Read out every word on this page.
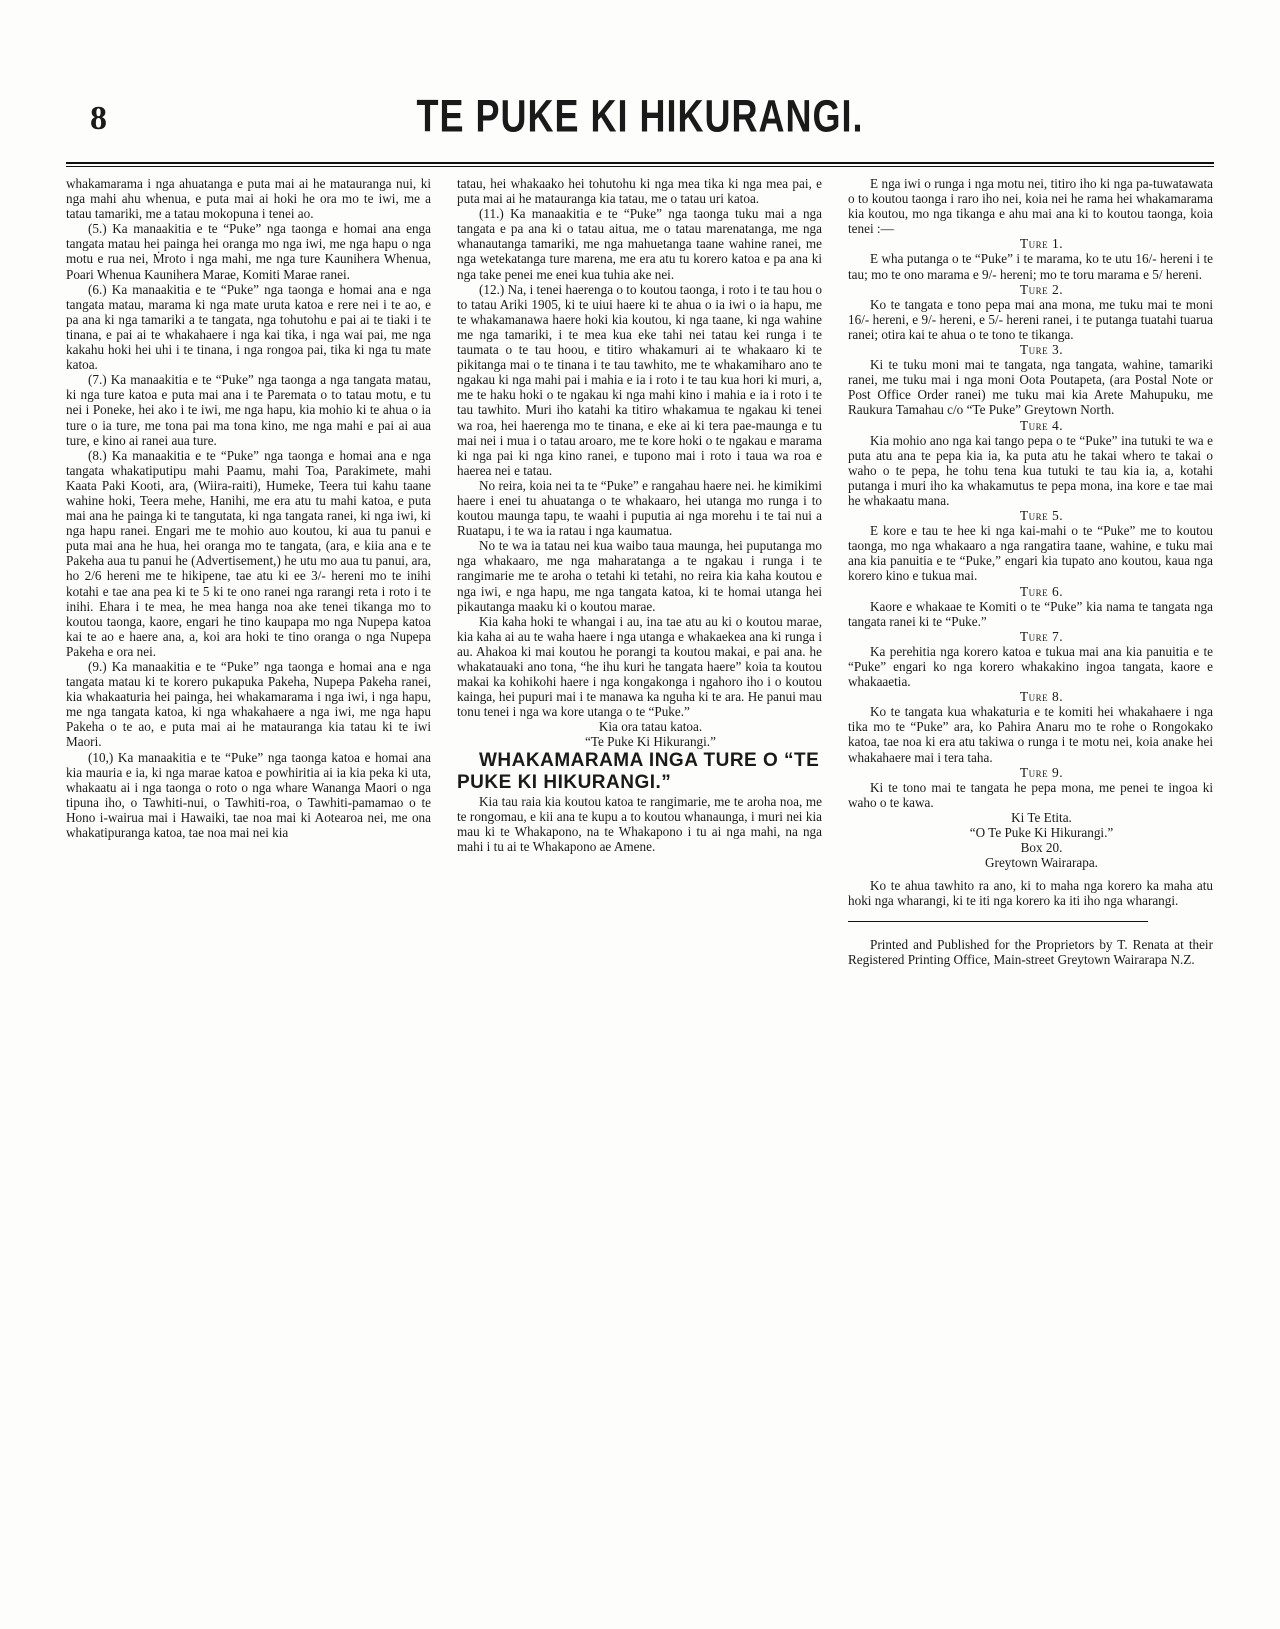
8	TE PUKE KI HIKURANGI.

whakamarama i nga ahuatanga e puta mai ai he matauranga nui, ki nga mahi ahu whenua, e puta mai ai hoki he ora mo te iwi, me a tatau tamariki, me a tatau mokopuna i tenei ao.

(5.) Ka manaakitia e te “Puke” nga taonga e homai ana enga tangata matau hei painga hei oranga mo nga iwi, me nga hapu o nga motu e rua nei, Ṁroto i nga mahi, me nga ture Kaunihera Whenua, Poari Whenua Kaunihera Marae, Komiti Marae ranei.

(6.) Ka manaakitia e te “Puke” nga taonga e homai ana e nga tangata matau, marama ki nga mate uruta katoa e rere nei i te ao, e pa ana ki nga tamariki a te tangata, nga tohutohu e pai ai te tiaki i te tinana, e pai ai te whakahaere i nga kai tika, i nga wai pai, me nga kakahu hoki hei uhi i te tinana, i nga rongoa pai, tika ki nga tu mate katoa.

(7.) Ka manaakitia e te “Puke” nga taonga a nga tangata matau, ki nga ture katoa e puta mai ana i te Paremata o to tatau motu, e tu nei i Poneke, hei ako i te iwi, me nga hapu, kia mohio ki te ahua o ia ture o ia ture, me tona pai ma tona kino, me nga mahi e pai ai aua ture, e kino ai ranei aua ture.

(8.) Ka manaakitia e te “Puke” nga taonga e homai ana e nga tangata whakatiputipu mahi Paamu, mahi Toa, Parakimete, mahi Kaata Paki Kooti, ara, (Wiira-raiti), Humeke, Teera tui kahu taane wahine hoki, Teera mehe, Hanihi, me era atu tu mahi katoa, e puta mai ana he painga ki te tangutata, ki nga tangata ranei, ki nga iwi, ki nga hapu ranei. Engari me te mohio auo koutou, ki aua tu panui e puta mai ana he hua, hei oranga mo te tangata, (ara, e kiia ana e te Pakeha aua tu panui he (Advertisement,) he utu mo aua tu panui, ara, ho 2/6 hereni me te hikipene, tae atu ki ee 3/- hereni mo te inihi kotahi e tae ana pea ki te 5 ki te ono ranei nga rarangi reta i roto i te inihi. Ehara i te mea, he mea hanga noa ake tenei tikanga mo to koutou taonga, kaore, engari he tino kaupapa mo nga Nupepa katoa kai te ao e haere ana, a, koi ara hoki te tino oranga o nga Nupepa Pakeha e ora nei.

(9.) Ka manaakitia e te “Puke” nga taonga e homai ana e nga tangata matau ki te korero pukapuka Pakeha, Nupepa Pakeha ranei, kia whakaaturia hei painga, hei whakamarama i nga iwi, i nga hapu, me nga tangata katoa, ki nga whakahaere a nga iwi, me nga hapu Pakeha o te ao, e puta mai ai he matauranga kia tatau ki te iwi Maori.

(10,) Ka manaakitia e te “Puke” nga taonga katoa e homai ana kia mauria e ia, ki nga marae katoa e powhiritia ai ia kia peka ki uta, whakaatu ai i nga taonga o roto o nga whare Wananga Maori o nga tipuna iho, o Tawhiti-nui, o Tawhiti-roa, o Tawhiti-pamamao o te Hono i-wairua mai i Hawaiki, tae noa mai ki Aotearoa nei, me ona whakatipuranga katoa, tae noa mai nei kia

tatau, hei whakaako hei tohutohu ki nga mea tika ki nga mea pai, e puta mai ai he matauranga kia tatau, me o tatau uri katoa.

(11.) Ka manaakitia e te “Puke” nga taonga tuku mai a nga tangata e pa ana ki o tatau aitua, me o tatau marenatanga, me nga whanautanga tamariki, me nga mahuetanga taane wahine ranei, me nga wetekatanga ture marena, me era atu tu korero katoa e pa ana ki nga take penei me enei kua tuhia ake nei.

(12.) Na, i tenei haerenga o to koutou taonga, i roto i te tau hou o to tatau Ariki 1905, ki te uiui haere ki te ahua o ia iwi o ia hapu, me te whakamanawa haere hoki kia koutou, ki nga taane, ki nga wahine me nga tamariki, i te mea kua eke tahi nei tatau kei runga i te taumata o te tau hoou, e titiro whakamuri ai te whakaaro ki te pikitanga mai o te tinana i te tau tawhito, me te whakamiharo ano te ngakau ki nga mahi pai i mahia e ia i roto i te tau kua hori ki muri, a, me te haku hoki o te ngakau ki nga mahi kino i mahia e ia i roto i te tau tawhito. Muri iho katahi ka titiro whakamua te ngakau ki tenei wa roa, hei haerenga mo te tinana, e eke ai ki tera pae-maunga e tu mai nei i mua i o tatau aroaro, me te kore hoki o te ngakau e marama ki nga pai ki nga kino ranei, e tupono mai i roto i taua wa roa e haerea nei e tatau.

No reira, koia nei ta te “Puke” e rangahau haere nei. he kimikimi haere i enei tu ahuatanga o te whakaaro, hei utanga mo runga i to koutou maunga tapu, te waahi i puputia ai nga morehu i te tai nui a Ruatapu, i te wa ia ratau i nga kaumatua.

No te wa ia tatau nei kua waibo taua maunga, hei puputanga mo nga whakaaro, me nga maharatanga a te ngakau i runga i te rangimarie me te aroha o tetahi ki tetahi, no reira kia kaha koutou e nga iwi, e nga hapu, me nga tangata katoa, ki te homai utanga hei pikautanga maaku ki o koutou marae.

Kia kaha hoki te whangai i au, ina tae atu au ki o koutou marae, kia kaha ai au te waha haere i nga utanga e whakaekea ana ki runga i au. Ahakoa ki mai koutou he porangi ta koutou makai, e pai ana. he whakatauaki ano tona, “he ihu kuri he tangata haere” koia ta koutou makai ka kohikohi haere i nga kongakonga i ngahoro iho i o koutou kainga, hei pupuri mai i te manawa ka nguha ki te ara. He panui mau tonu tenei i nga wa kore utanga o te “Puke.”

Kia ora tatau katoa.

“Te Puke Ki Hikurangi.”

WHAKAMARAMA INGA TURE O “TE PUKE KI HIKURANGI.”

Kia tau raia kia koutou katoa te rangimarie, me te aroha noa, me te rongomau, e kii ana te kupu a to koutou whanaunga, i muri nei kia mau ki te Whakapono, na te Whakapono i tu ai nga mahi, na nga mahi i tu ai te Whakapono ae Amene.

E nga iwi o runga i nga motu nei, titiro iho ki nga pa-tuwatawata o to koutou taonga i raro iho nei, koia nei he rama hei whakamarama kia koutou, mo nga tikanga e ahu mai ana ki to koutou taonga, koia tenei :—

Ture 1.

E wha putanga o te “Puke” i te marama, ko te utu 16/- hereni i te tau; mo te ono marama e 9/- hereni; mo te toru marama e 5/ hereni.

Ture 2.

Ko te tangata e tono pepa mai ana mona, me tuku mai te moni 16/- hereni, e 9/- hereni, e 5/- hereni ranei, i te putanga tuatahi tuarua ranei; otira kai te ahua o te tono te tikanga.

Ture 3.

Ki te tuku moni mai te tangata, nga tangata, wahine, tamariki ranei, me tuku mai i nga moni Oota Poutapeta, (ara Postal Note or Post Office Order ranei) me tuku mai kia Arete Mahupuku, me Raukura Tamahau c/o “Te Puke” Greytown North.

Ture 4.

Kia mohio ano nga kai tango pepa o te “Puke” ina tutuki te wa e puta atu ana te pepa kia ia, ka puta atu he takai whero te takai o waho o te pepa, he tohu tena kua tutuki te tau kia ia, a, kotahi putanga i muri iho ka whakamutus te pepa mona, ina kore e tae mai he whakaatu mana.

Ture 5.

E kore e tau te hee ki nga kai-mahi o te “Puke” me to koutou taonga, mo nga whakaaro a nga rangatira taane, wahine, e tuku mai ana kia panuitia e te “Puke,” engari kia tupato ano koutou, kaua nga korero kino e tukua mai.

Ture 6.

Kaore e whakaae te Komiti o te “Puke” kia nama te tangata nga tangata ranei ki te “Puke.”

Ture 7.

Ka perehitia nga korero katoa e tukua mai ana kia panuitia e te “Puke” engari ko nga korero whakakino ingoa tangata, kaore e whakaaetia.

Ture 8.

Ko te tangata kua whakaturia e te komiti hei whakahaere i nga tika mo te “Puke” ara, ko Pahira Anaru mo te rohe o Rongokako katoa, tae noa ki era atu takiwa o runga i te motu nei, koia anake hei whakahaere mai i tera taha.

Ture 9.

Ki te tono mai te tangata he pepa mona, me penei te ingoa ki waho o te kawa.

Ki Te Etita.

“O Te Puke Ki Hikurangi.”

Box 20.

Greytown Wairarapa.

Ko te ahua tawhito ra ano, ki to maha nga korero ka maha atu hoki nga wharangi, ki te iti nga korero ka iti iho nga wharangi.

Printed and Published for the Proprietors by T. Renata at their Registered Printing Office, Main-street Greytown Wairarapa N.Z.
